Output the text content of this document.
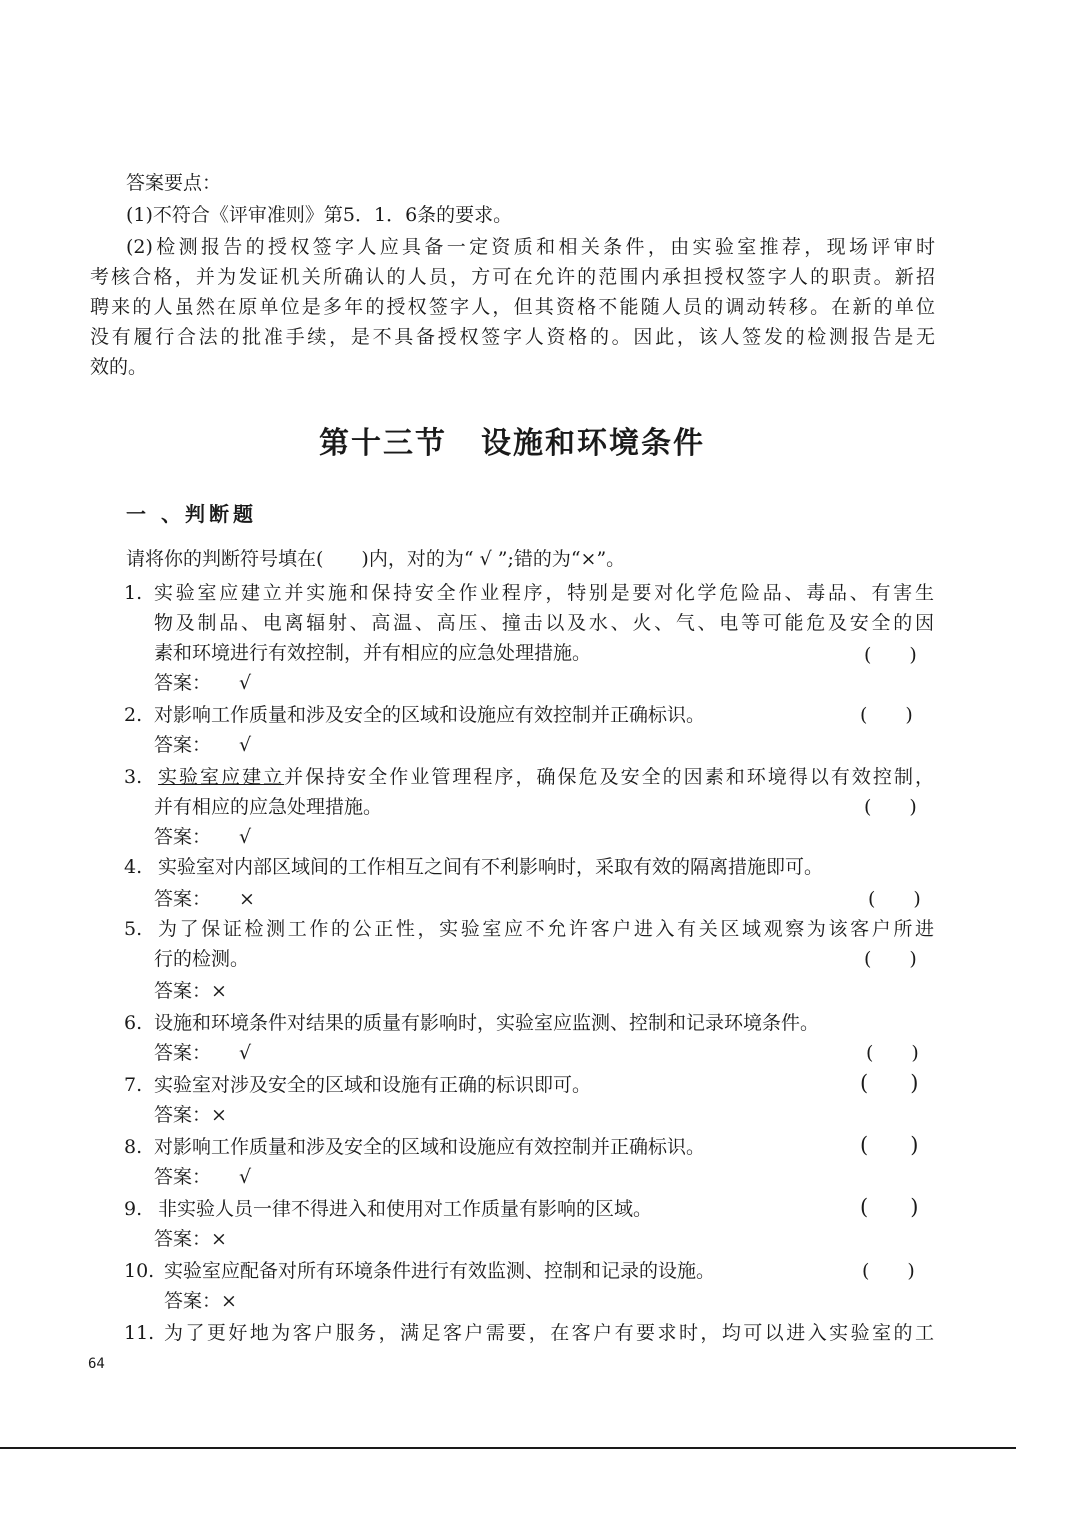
答案要点：
(1)不符合《评审准则》第5．1．6条的要求。
(2)检测报告的授权签字人应具备一定资质和相关条件，由实验室推荐，现场评审时
考核合格，并为发证机关所确认的人员，方可在允许的范围内承担授权签字人的职责。新招
聘来的人虽然在原单位是多年的授权签字人，但其资格不能随人员的调动转移。在新的单位
没有履行合法的批准手续，是不具备授权签字人资格的。因此，该人签发的检测报告是无
效的。
第十三节 设施和环境条件
一 、判断题
请将你的判断符号填在(　　)内，对的为“ √ ”;错的为“×”。
1. 实验室应建立并实施和保持安全作业程序，特别是要对化学危险品、毒品、有害生
物及制品、电离辐射、高温、高压、撞击以及水、火、气、电等可能危及安全的因
素和环境进行有效控制，并有相应的应急处理措施。	(　　)
答案： √
2. 对影响工作质量和涉及安全的区域和设施应有效控制并正确标识。	(　　)
答案： √
3. 实验室应建立并保持安全作业管理程序，确保危及安全的因素和环境得以有效控制，
并有相应的应急处理措施。	(　　)
答案： √
4. 实验室对内部区域间的工作相互之间有不利影响时，采取有效的隔离措施即可。
答案： ×	(　　)
5. 为了保证检测工作的公正性，实验室应不允许客户进入有关区域观察为该客户所进
行的检测。	(　　)
答案：×
6. 设施和环境条件对结果的质量有影响时，实验室应监测、控制和记录环境条件。
答案： √	(　　)
7. 实验室对涉及安全的区域和设施有正确的标识即可。	(　　)
答案：×
8. 对影响工作质量和涉及安全的区域和设施应有效控制并正确标识。	(　　)
答案： √
9. 非实验人员一律不得进入和使用对工作质量有影响的区域。	(　　)
答案：×
10. 实验室应配备对所有环境条件进行有效监测、控制和记录的设施。	(　　)
答案：×
11. 为了更好地为客户服务，满足客户需要，在客户有要求时，均可以进入实验室的工
64
